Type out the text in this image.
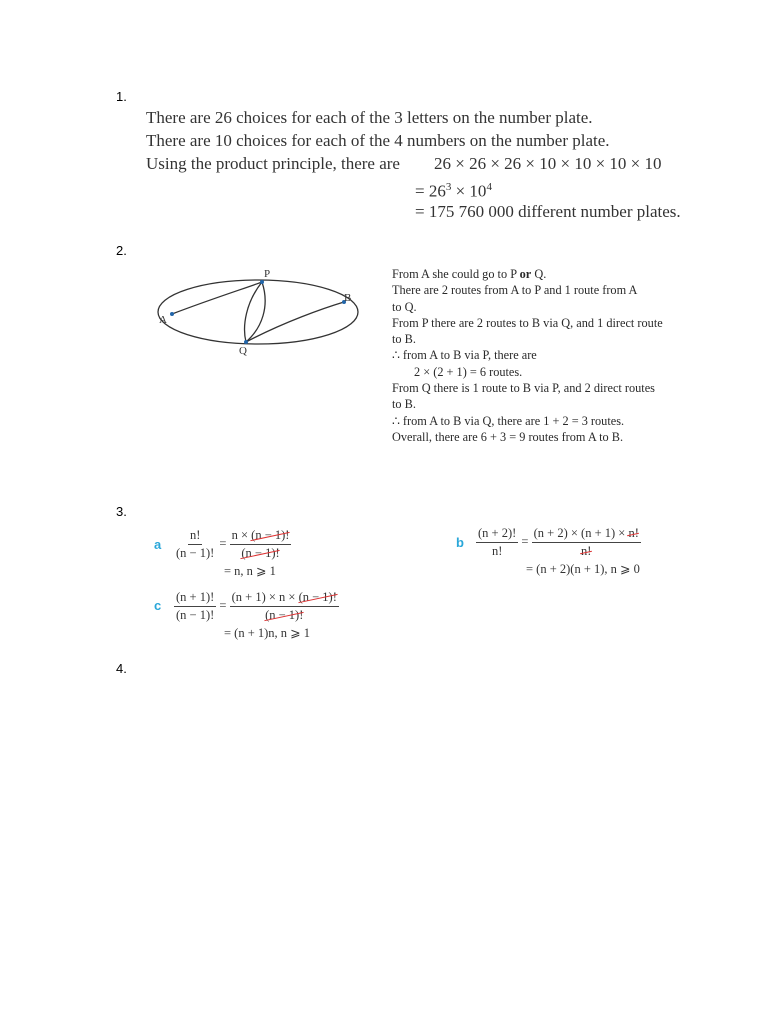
1.
2.
3.
4.
There are 26 choices for each of the 3 letters on the number plate.
There are 10 choices for each of the 4 numbers on the number plate.
Using the product principle, there are	26 × 26 × 26 × 10 × 10 × 10 × 10
= $26^3 \times 10^4$
= 175 760 000 different number plates.
A
P
B
Q
From A she could go to P or Q.
There are 2 routes from A to P and 1 route from A
to Q.
From P there are 2 routes to B via Q, and 1 direct route
to B.
∴ from A to B via P, there are
2 × (2 + 1) = 6 routes.
From Q there is 1 route to B via P, and 2 direct routes
to B.
∴ from A to B via Q, there are 1 + 2 = 3 routes.
Overall, there are 6 + 3 = 9 routes from A to B.
a $\frac{n!}{(n - 1)!} = \frac{n \times (n - 1)!}{(n - 1)!}$
= n, n ⩾ 1
b $\frac{(n + 2)!}{n!} = \frac{(n + 2) \times (n + 1) \times n!}{n!}$
= (n + 2)(n + 1), n ⩾ 0
c $\frac{(n + 1)!}{(n - 1)!} = \frac{(n + 1) \times n \times (n - 1)!}{(n - 1)!}$
= (n + 1)n, n ⩾ 1
